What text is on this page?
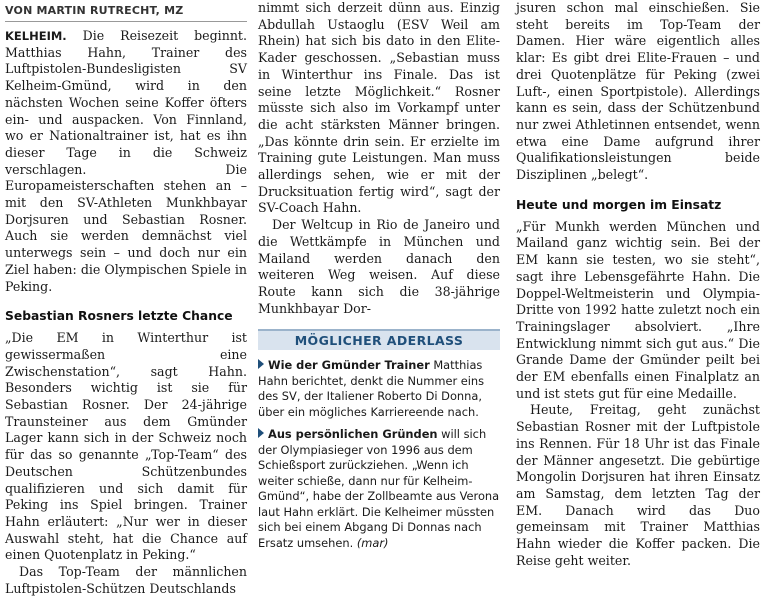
VON MARTIN RUTRECHT, MZ

KELHEIM. Die Reisezeit beginnt. Matthias Hahn, Trainer des Luftpistolen-Bundesligisten SV Kelheim-Gmünd, wird in den nächsten Wochen seine Koffer öfters ein- und auspacken. Von Finnland, wo er Nationaltrainer ist, hat es ihn dieser Tage in die Schweiz verschlagen. Die Europameisterschaften stehen an – mit den SV-Athleten Munkhbayar Dorjsuren und Sebastian Rosner. Auch sie werden demnächst viel unterwegs sein – und doch nur ein Ziel haben: die Olympischen Spiele in Peking.

Sebastian Rosners letzte Chance

„Die EM in Winterthur ist gewissermaßen eine Zwischenstation“, sagt Hahn. Besonders wichtig ist sie für Sebastian Rosner. Der 24-jährige Traunsteiner aus dem Gmünder Lager kann sich in der Schweiz noch für das so genannte „Top-Team“ des Deutschen Schützenbundes qualifizieren und sich damit für Peking ins Spiel bringen. Trainer Hahn erläutert: „Nur wer in dieser Auswahl steht, hat die Chance auf einen Quotenplatz in Peking.“

Das Top-Team der männlichen Luftpistolen-Schützen Deutschlands

nimmt sich derzeit dünn aus. Einzig Abdullah Ustaoglu (ESV Weil am Rhein) hat sich bis dato in den Elite-Kader geschossen. „Sebastian muss in Winterthur ins Finale. Das ist seine letzte Möglichkeit.“ Rosner müsste sich also im Vorkampf unter die acht stärksten Männer bringen. „Das könnte drin sein. Er erzielte im Training gute Leistungen. Man muss allerdings sehen, wie er mit der Drucksituation fertig wird“, sagt der SV-Coach Hahn.

Der Weltcup in Rio de Janeiro und die Wettkämpfe in München und Mailand werden danach den weiteren Weg weisen. Auf diese Route kann sich die 38-jährige Munkhbayar Dor-

MÖGLICHER ADERLASS

Wie der Gmünder Trainer Matthias Hahn berichtet, denkt die Nummer eins des SV, der Italiener Roberto Di Donna, über ein mögliches Karriereende nach.

Aus persönlichen Gründen will sich der Olympiasieger von 1996 aus dem Schießsport zurückziehen. „Wenn ich weiter schieße, dann nur für Kelheim-Gmünd“, habe der Zollbeamte aus Verona laut Hahn erklärt. Die Kelheimer müssten sich bei einem Abgang Di Donnas nach Ersatz umsehen. (mar)

jsuren schon mal einschießen. Sie steht bereits im Top-Team der Damen. Hier wäre eigentlich alles klar: Es gibt drei Elite-Frauen – und drei Quotenplätze für Peking (zwei Luft-, einen Sportpistole). Allerdings kann es sein, dass der Schützenbund nur zwei Athletinnen entsendet, wenn etwa eine Dame aufgrund ihrer Qualifikationsleistungen beide Disziplinen „belegt“.

Heute und morgen im Einsatz

„Für Munkh werden München und Mailand ganz wichtig sein. Bei der EM kann sie testen, wo sie steht“, sagt ihre Lebensgefährte Hahn. Die Doppel-Weltmeisterin und Olympia-Dritte von 1992 hatte zuletzt noch ein Trainingslager absolviert. „Ihre Entwicklung nimmt sich gut aus.“ Die Grande Dame der Gmünder peilt bei der EM ebenfalls einen Finalplatz an und ist stets gut für eine Medaille.

Heute, Freitag, geht zunächst Sebastian Rosner mit der Luftpistole ins Rennen. Für 18 Uhr ist das Finale der Männer angesetzt. Die gebürtige Mongolin Dorjsuren hat ihren Einsatz am Samstag, dem letzten Tag der EM. Danach wird das Duo gemeinsam mit Trainer Matthias Hahn wieder die Koffer packen. Die Reise geht weiter.
